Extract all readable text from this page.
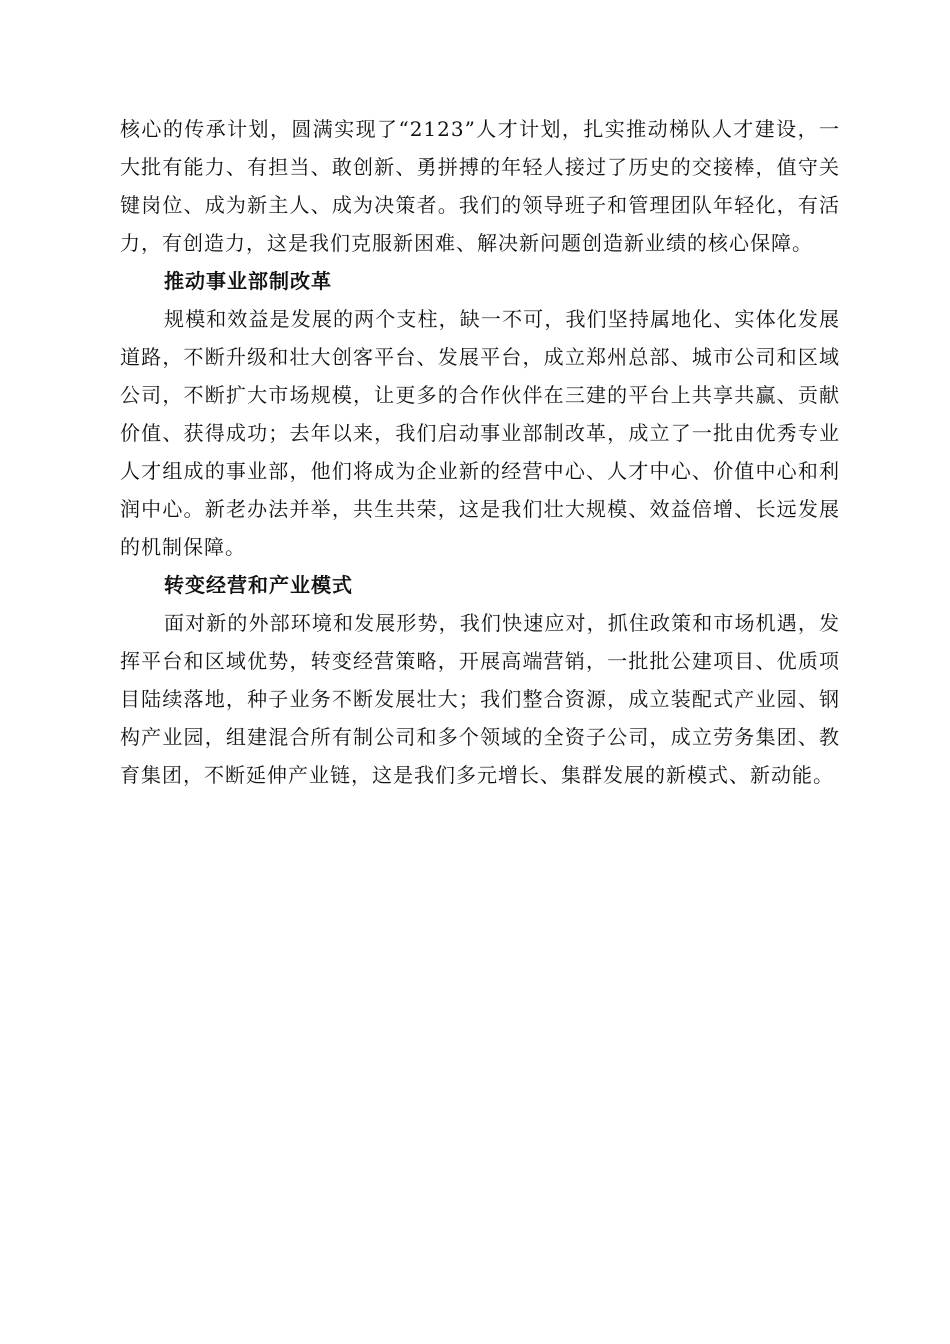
核心的传承计划，圆满实现了“2123”人才计划，扎实推动梯队人才建设，一大批有能力、有担当、敢创新、勇拼搏的年轻人接过了历史的交接棒，值守关键岗位、成为新主人、成为决策者。我们的领导班子和管理团队年轻化，有活力，有创造力，这是我们克服新困难、解决新问题创造新业绩的核心保障。

推动事业部制改革

规模和效益是发展的两个支柱，缺一不可，我们坚持属地化、实体化发展道路，不断升级和壮大创客平台、发展平台，成立郑州总部、城市公司和区域公司，不断扩大市场规模，让更多的合作伙伴在三建的平台上共享共赢、贡献价值、获得成功；去年以来，我们启动事业部制改革，成立了一批由优秀专业人才组成的事业部，他们将成为企业新的经营中心、人才中心、价值中心和利润中心。新老办法并举，共生共荣，这是我们壮大规模、效益倍增、长远发展的机制保障。

转变经营和产业模式

面对新的外部环境和发展形势，我们快速应对，抓住政策和市场机遇，发挥平台和区域优势，转变经营策略，开展高端营销，一批批公建项目、优质项目陆续落地，种子业务不断发展壮大；我们整合资源，成立装配式产业园、钢构产业园，组建混合所有制公司和多个领域的全资子公司，成立劳务集团、教育集团，不断延伸产业链，这是我们多元增长、集群发展的新模式、新动能。
